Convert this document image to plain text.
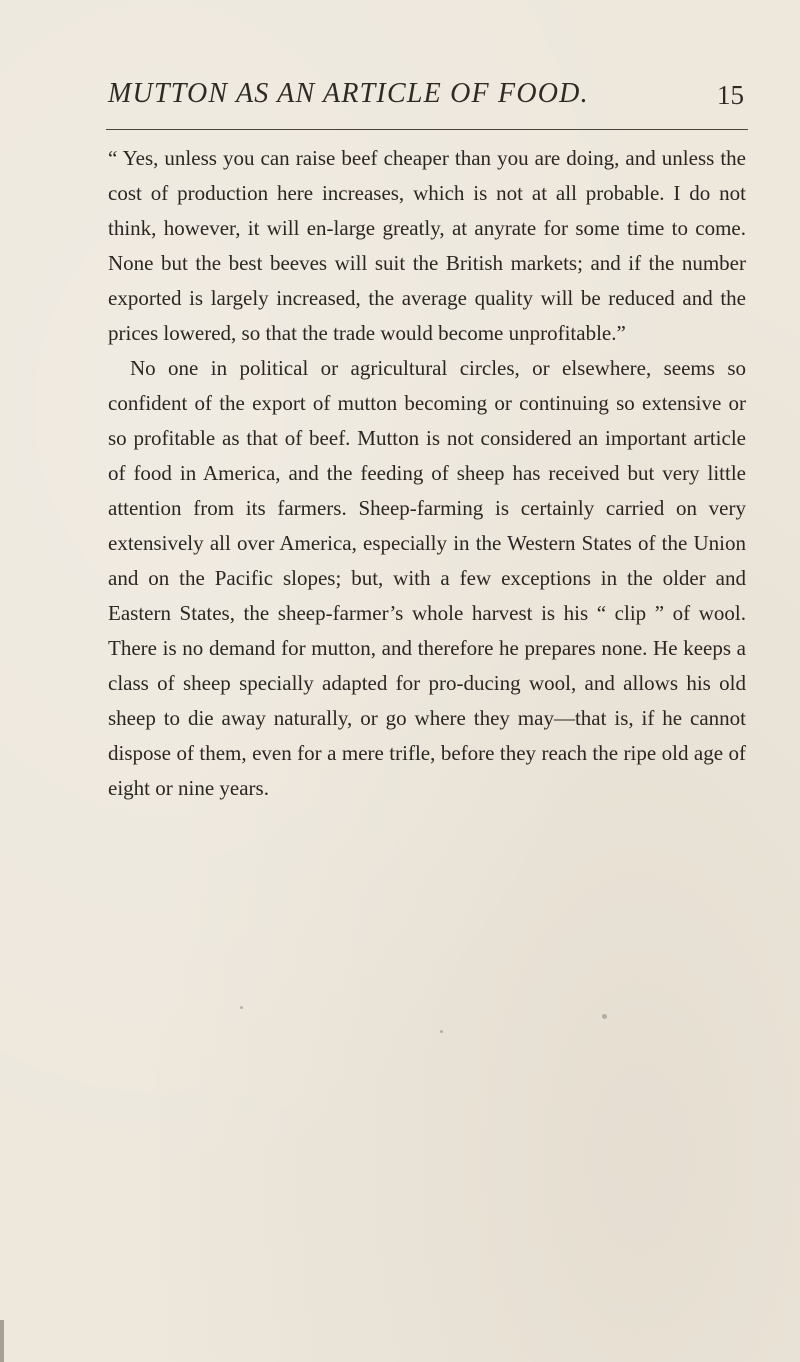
MUTTON AS AN ARTICLE OF FOOD.	15

“ Yes, unless you can raise beef cheaper than you are doing, and unless the cost of production here increases, which is not at all probable. I do not think, however, it will en-large greatly, at anyrate for some time to come. None but the best beeves will suit the British markets; and if the number exported is largely increased, the average quality will be reduced and the prices lowered, so that the trade would become unprofitable.”

No one in political or agricultural circles, or elsewhere, seems so confident of the export of mutton becoming or continuing so extensive or so profitable as that of beef. Mutton is not considered an important article of food in America, and the feeding of sheep has received but very little attention from its farmers. Sheep-farming is certainly carried on very extensively all over America, especially in the Western States of the Union and on the Pacific slopes; but, with a few exceptions in the older and Eastern States, the sheep-farmer’s whole harvest is his “ clip ” of wool. There is no demand for mutton, and therefore he prepares none. He keeps a class of sheep specially adapted for pro-ducing wool, and allows his old sheep to die away naturally, or go where they may—that is, if he cannot dispose of them, even for a mere trifle, before they reach the ripe old age of eight or nine years.
